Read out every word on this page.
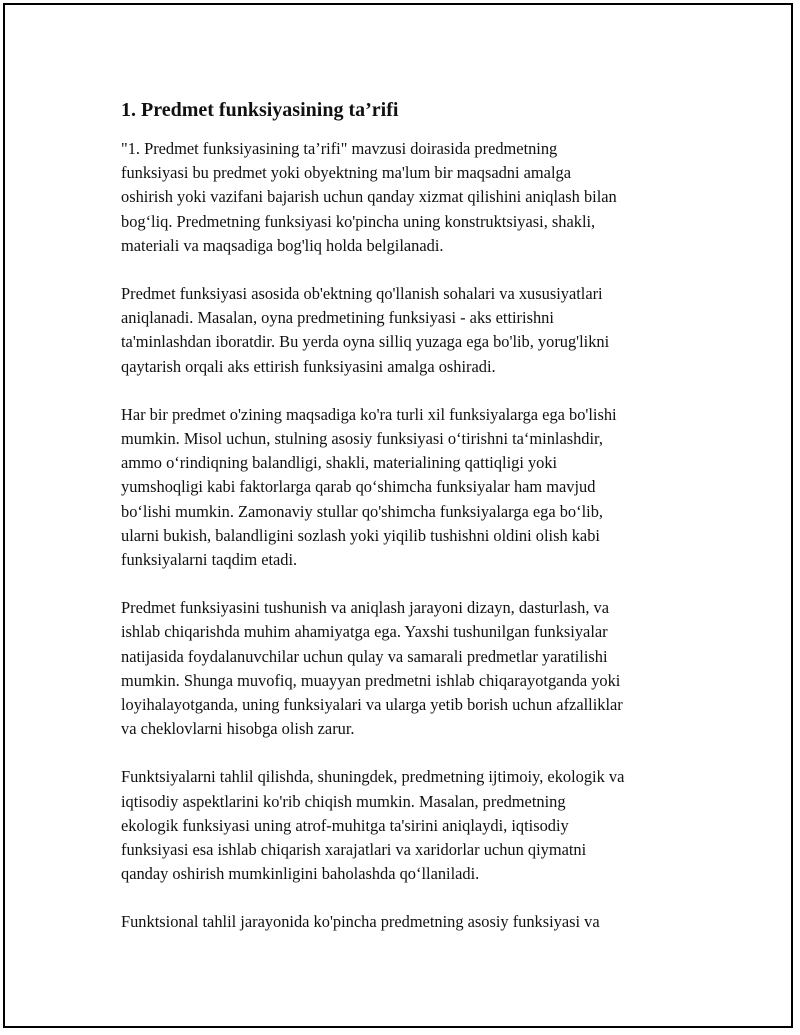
1. Predmet funksiyasining ta’rifi

"1. Predmet funksiyasining ta’rifi" mavzusi doirasida predmetning
funksiyasi bu predmet yoki obyektning ma'lum bir maqsadni amalga
oshirish yoki vazifani bajarish uchun qanday xizmat qilishini aniqlash bilan
bog‘liq. Predmetning funksiyasi ko'pincha uning konstruktsiyasi, shakli,
materiali va maqsadiga bog'liq holda belgilanadi.

Predmet funksiyasi asosida ob'ektning qo'llanish sohalari va xususiyatlari
aniqlanadi. Masalan, oyna predmetining funksiyasi - aks ettirishni
ta'minlashdan iboratdir. Bu yerda oyna silliq yuzaga ega bo'lib, yorug'likni
qaytarish orqali aks ettirish funksiyasini amalga oshiradi.

Har bir predmet o'zining maqsadiga ko'ra turli xil funksiyalarga ega bo'lishi
mumkin. Misol uchun, stulning asosiy funksiyasi o‘tirishni ta‘minlashdir,
ammo o‘rindiqning balandligi, shakli, materialining qattiqligi yoki
yumshoqligi kabi faktorlarga qarab qo‘shimcha funksiyalar ham mavjud
bo‘lishi mumkin. Zamonaviy stullar qo'shimcha funksiyalarga ega bo‘lib,
ularni bukish, balandligini sozlash yoki yiqilib tushishni oldini olish kabi
funksiyalarni taqdim etadi.

Predmet funksiyasini tushunish va aniqlash jarayoni dizayn, dasturlash, va
ishlab chiqarishda muhim ahamiyatga ega. Yaxshi tushunilgan funksiyalar
natijasida foydalanuvchilar uchun qulay va samarali predmetlar yaratilishi
mumkin. Shunga muvofiq, muayyan predmetni ishlab chiqarayotganda yoki
loyihalayotganda, uning funksiyalari va ularga yetib borish uchun afzalliklar
va cheklovlarni hisobga olish zarur.

Funktsiyalarni tahlil qilishda, shuningdek, predmetning ijtimoiy, ekologik va
iqtisodiy aspektlarini ko'rib chiqish mumkin. Masalan, predmetning
ekologik funksiyasi uning atrof-muhitga ta'sirini aniqlaydi, iqtisodiy
funksiyasi esa ishlab chiqarish xarajatlari va xaridorlar uchun qiymatni
qanday oshirish mumkinligini baholashda qo‘llaniladi.

Funktsional tahlil jarayonida ko'pincha predmetning asosiy funksiyasi va
